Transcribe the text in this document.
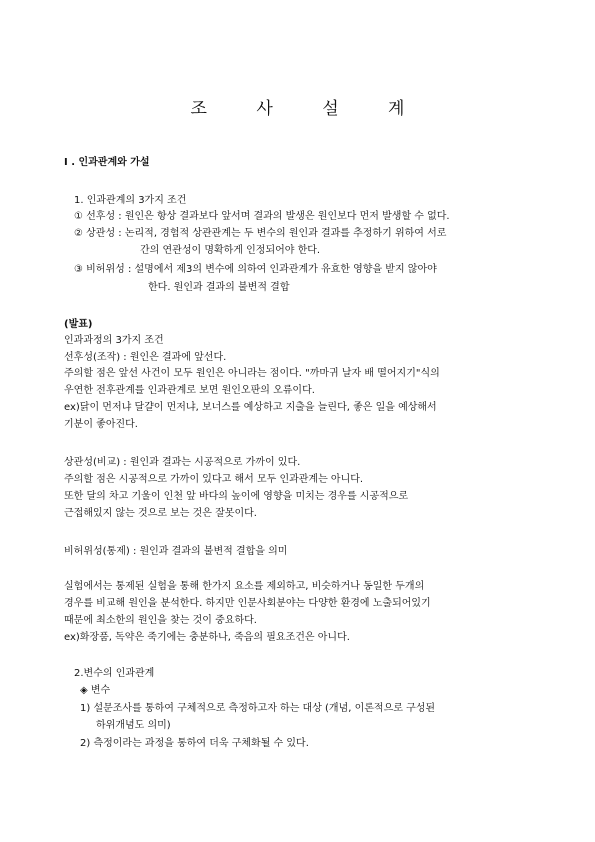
조 사 설 계
I . 인과관계와 가설
1. 인과관계의 3가지 조건
① 선후성 : 원인은 항상 결과보다 앞서며 결과의 발생은 원인보다 먼저 발생할 수 없다.
② 상관성 : 논리적, 경험적 상관관계는 두 변수의 원인과 결과를 추정하기 위하여 서로
간의 연관성이 명확하게 인정되어야 한다.
③ 비허위성 : 설명에서 제3의 변수에 의하여 인과관계가 유효한 영향을 받지 않아야
한다. 원인과 결과의 불변적 결합
(발표)
인과과정의 3가지 조건
선후성(조작) : 원인은 결과에 앞선다.
주의할 점은 앞선 사건이 모두 원인은 아니라는 점이다. "까마귀 날자 배 떨어지기"식의
우연한 전후관계를 인과관계로 보면 원인오판의 오류이다.
ex)닭이 먼저냐 달걀이 먼저냐, 보너스를 예상하고 지출을 늘린다, 좋은 일을 예상해서
기분이 좋아진다.
상관성(비교) : 원인과 결과는 시공적으로 가까이 있다.
주의할 점은 시공적으로 가까이 있다고 해서 모두 인과관계는 아니다.
또한 달의 차고 기울이 인천 앞 바다의 높이에 영향을 미치는 경우를 시공적으로
근접해있지 않는 것으로 보는 것은 잘못이다.
비허위성(통제) : 원인과 결과의 불변적 결합을 의미
실험에서는 통제된 실험을 통해 한가지 요소를 제외하고, 비슷하거나 동일한 두개의
경우를 비교해 원인을 분석한다. 하지만 인문사회분야는 다양한 환경에 노출되어있기
때문에 최소한의 원인을 찾는 것이 중요하다.
ex)화장품, 독약은 죽기에는 충분하나, 죽음의 필요조건은 아니다.
2.변수의 인과관계
◈ 변수
1) 설문조사를 통하여 구체적으로 측정하고자 하는 대상 (개념, 이론적으로 구성된
하위개념도 의미)
2) 측정이라는 과정을 통하여 더욱 구체화될 수 있다.
